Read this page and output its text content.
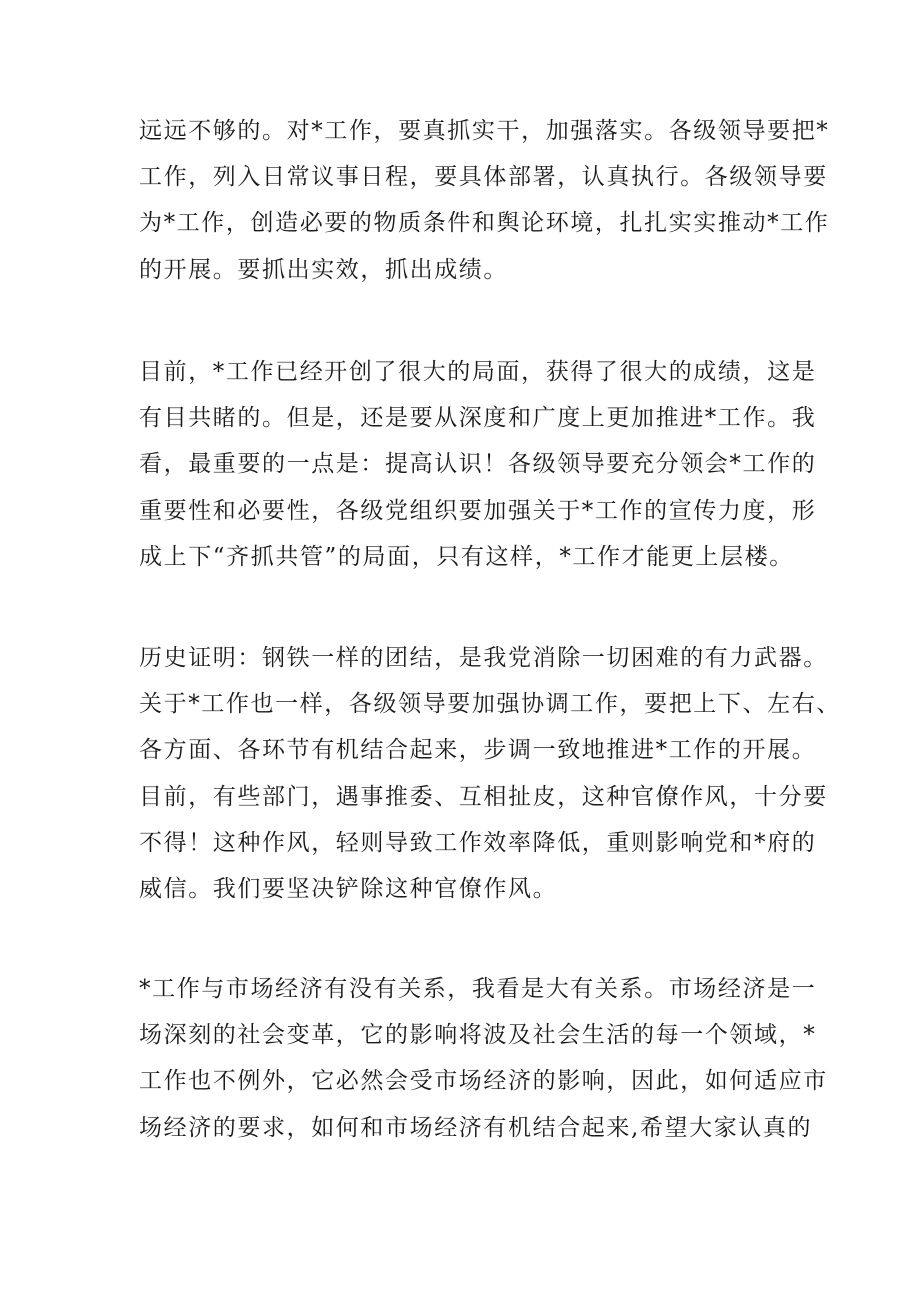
远远不够的。对*工作，要真抓实干，加强落实。各级领导要把*
工作，列入日常议事日程，要具体部署，认真执行。各级领导要
为*工作，创造必要的物质条件和舆论环境，扎扎实实推动*工作
的开展。要抓出实效，抓出成绩。
目前，*工作已经开创了很大的局面，获得了很大的成绩，这是
有目共睹的。但是，还是要从深度和广度上更加推进*工作。我
看，最重要的一点是：提高认识！各级领导要充分领会*工作的
重要性和必要性，各级党组织要加强关于*工作的宣传力度，形
成上下“齐抓共管”的局面，只有这样，*工作才能更上层楼。
历史证明：钢铁一样的团结，是我党消除一切困难的有力武器。
关于*工作也一样，各级领导要加强协调工作，要把上下、左右、
各方面、各环节有机结合起来，步调一致地推进*工作的开展。
目前，有些部门，遇事推委、互相扯皮，这种官僚作风，十分要
不得！这种作风，轻则导致工作效率降低，重则影响党和*府的
威信。我们要坚决铲除这种官僚作风。
*工作与市场经济有没有关系，我看是大有关系。市场经济是一
场深刻的社会变革，它的影响将波及社会生活的每一个领域，*
工作也不例外，它必然会受市场经济的影响，因此，如何适应市
场经济的要求，如何和市场经济有机结合起来,希望大家认真的
